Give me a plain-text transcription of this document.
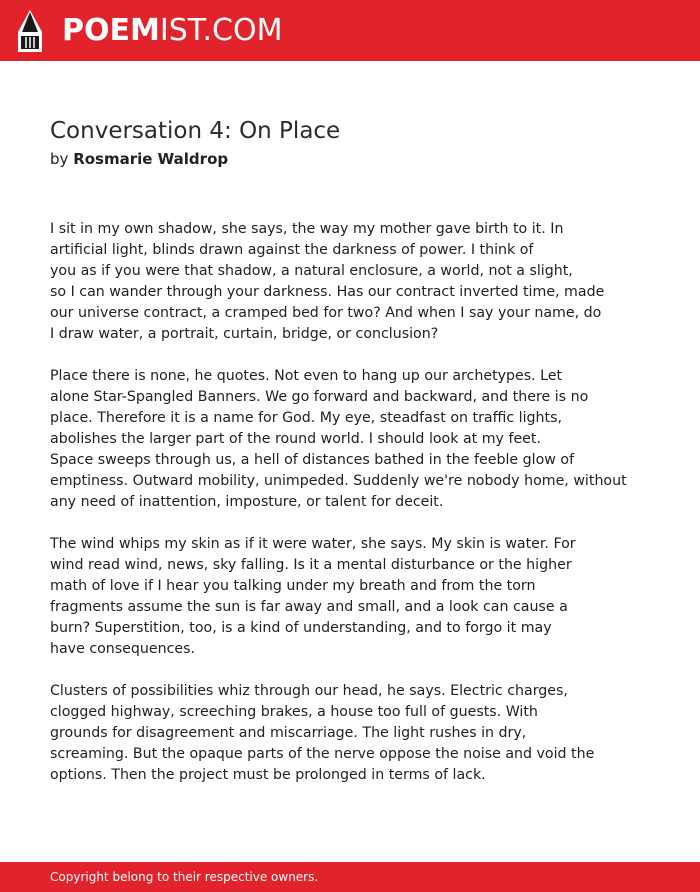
POEMIST.COM
Conversation 4: On Place
by Rosmarie Waldrop

I sit in my own shadow, she says, the way my mother gave birth to it. In
artificial light, blinds drawn against the darkness of power. I think of
you as if you were that shadow, a natural enclosure, a world, not a slight,
so I can wander through your darkness. Has our contract inverted time, made
our universe contract, a cramped bed for two? And when I say your name, do
I draw water, a portrait, curtain, bridge, or conclusion?

Place there is none, he quotes. Not even to hang up our archetypes. Let
alone Star-Spangled Banners. We go forward and backward, and there is no
place. Therefore it is a name for God. My eye, steadfast on traffic lights,
abolishes the larger part of the round world. I should look at my feet.
Space sweeps through us, a hell of distances bathed in the feeble glow of
emptiness. Outward mobility, unimpeded. Suddenly we're nobody home, without
any need of inattention, imposture, or talent for deceit.

The wind whips my skin as if it were water, she says. My skin is water. For
wind read wind, news, sky falling. Is it a mental disturbance or the higher
math of love if I hear you talking under my breath and from the torn
fragments assume the sun is far away and small, and a look can cause a
burn? Superstition, too, is a kind of understanding, and to forgo it may
have consequences.

Clusters of possibilities whiz through our head, he says. Electric charges,
clogged highway, screeching brakes, a house too full of guests. With
grounds for disagreement and miscarriage. The light rushes in dry,
screaming. But the opaque parts of the nerve oppose the noise and void the
options. Then the project must be prolonged in terms of lack.

Copyright belong to their respective owners.
